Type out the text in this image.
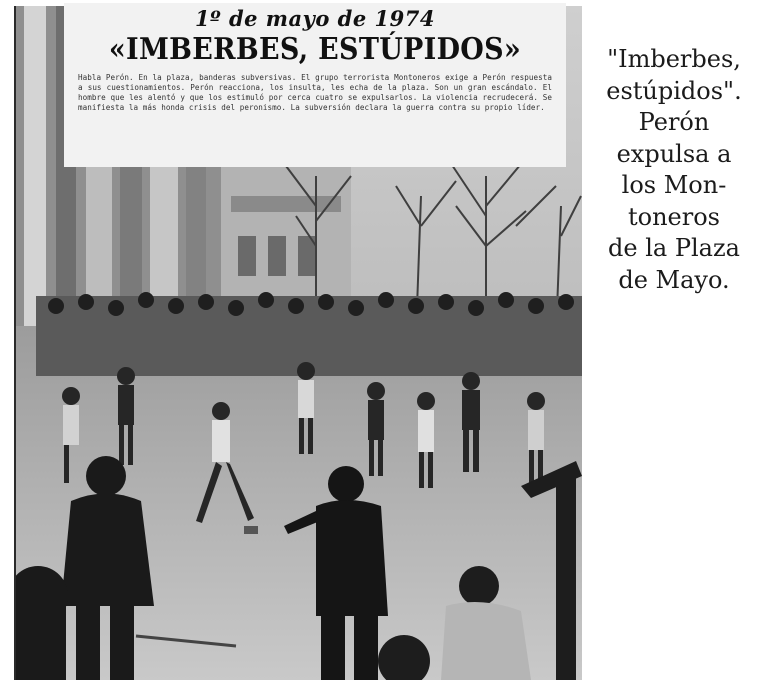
1º de mayo de 1974
«IMBERBES, ESTÚPIDOS»
Habla Perón. En la plaza, banderas subversivas. El grupo terrorista Montoneros exige a Perón respuesta a sus cuestionamientos. Perón reacciona, los insulta, les echa de la plaza. Son un gran escándalo. El hombre que les alentó y que los estimuló por cerca cuatro se expulsarlos. La violencia recrudecerá. Se manifiesta la más honda crisis del peronismo. La subversión declara la guerra contra su propio líder.
"Imberbes,
estúpidos".
Perón
expulsa a
los Mon-
toneros
de la Plaza
de Mayo.
